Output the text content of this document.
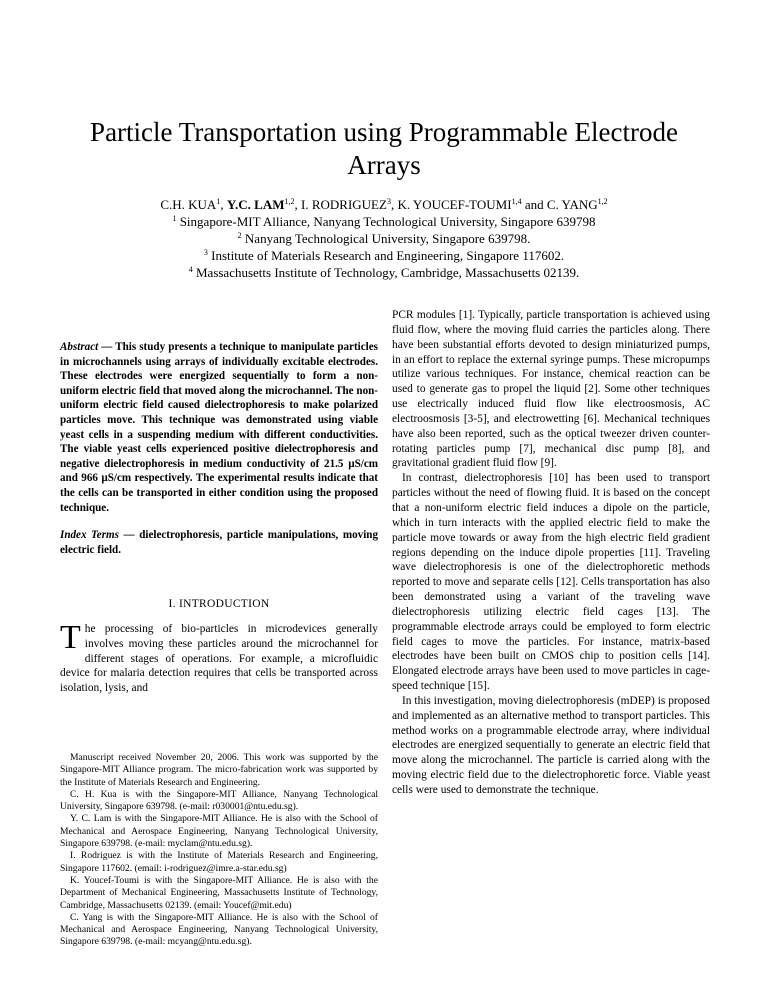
Particle Transportation using Programmable Electrode Arrays

C.H. KUA$^1$, Y.C. LAM$^{1,2}$, I. RODRIGUEZ$^3$, K. YOUCEF-TOUMI$^{1,4}$ and C. YANG$^{1,2}$

$^1$ Singapore-MIT Alliance, Nanyang Technological University, Singapore 639798

$^2$ Nanyang Technological University, Singapore 639798.

$^3$ Institute of Materials Research and Engineering, Singapore 117602.

$^4$ Massachusetts Institute of Technology, Cambridge, Massachusetts 02139.

Abstract — This study presents a technique to manipulate particles in microchannels using arrays of individually excitable electrodes. These electrodes were energized sequentially to form a non-uniform electric field that moved along the microchannel. The non-uniform electric field caused dielectrophoresis to make polarized particles move. This technique was demonstrated using viable yeast cells in a suspending medium with different conductivities. The viable yeast cells experienced positive dielectrophoresis and negative dielectrophoresis in medium conductivity of 21.5 µS/cm and 966 µS/cm respectively. The experimental results indicate that the cells can be transported in either condition using the proposed technique.

Index Terms — dielectrophoresis, particle manipulations, moving electric field.

I. INTRODUCTION

The processing of bio-particles in microdevices generally involves moving these particles around the microchannel for different stages of operations. For example, a microfluidic device for malaria detection requires that cells be transported across isolation, lysis, and

Manuscript received November 20, 2006. This work was supported by the Singapore-MIT Alliance program. The micro-fabrication work was supported by the Institute of Materials Research and Engineering.

C. H. Kua is with the Singapore-MIT Alliance, Nanyang Technological University, Singapore 639798. (e-mail: r030001@ntu.edu.sg).

Y. C. Lam is with the Singapore-MIT Alliance. He is also with the School of Mechanical and Aerospace Engineering, Nanyang Technological University, Singapore 639798. (e-mail: myclam@ntu.edu.sg).

I. Rodriguez is with the Institute of Materials Research and Engineering, Singapore 117602. (email: i-rodriguez@imre.a-star.edu.sg)

K. Youcef-Toumi is with the Singapore-MIT Alliance. He is also with the Department of Mechanical Engineering, Massachusetts Institute of Technology, Cambridge, Massachusetts 02139. (email: Youcef@mit.edu)

C. Yang is with the Singapore-MIT Alliance. He is also with the School of Mechanical and Aerospace Engineering, Nanyang Technological University, Singapore 639798. (e-mail: mcyang@ntu.edu.sg).

PCR modules [1]. Typically, particle transportation is achieved using fluid flow, where the moving fluid carries the particles along. There have been substantial efforts devoted to design miniaturized pumps, in an effort to replace the external syringe pumps. These micropumps utilize various techniques. For instance, chemical reaction can be used to generate gas to propel the liquid [2]. Some other techniques use electrically induced fluid flow like electroosmosis, AC electroosmosis [3-5], and electrowetting [6]. Mechanical techniques have also been reported, such as the optical tweezer driven counter-rotating particles pump [7], mechanical disc pump [8], and gravitational gradient fluid flow [9].

In contrast, dielectrophoresis [10] has been used to transport particles without the need of flowing fluid. It is based on the concept that a non-uniform electric field induces a dipole on the particle, which in turn interacts with the applied electric field to make the particle move towards or away from the high electric field gradient regions depending on the induce dipole properties [11]. Traveling wave dielectrophoresis is one of the dielectrophoretic methods reported to move and separate cells [12]. Cells transportation has also been demonstrated using a variant of the traveling wave dielectrophoresis utilizing electric field cages [13]. The programmable electrode arrays could be employed to form electric field cages to move the particles. For instance, matrix-based electrodes have been built on CMOS chip to position cells [14]. Elongated electrode arrays have been used to move particles in cage-speed technique [15].

In this investigation, moving dielectrophoresis (mDEP) is proposed and implemented as an alternative method to transport particles. This method works on a programmable electrode array, where individual electrodes are energized sequentially to generate an electric field that move along the microchannel. The particle is carried along with the moving electric field due to the dielectrophoretic force. Viable yeast cells were used to demonstrate the technique.
